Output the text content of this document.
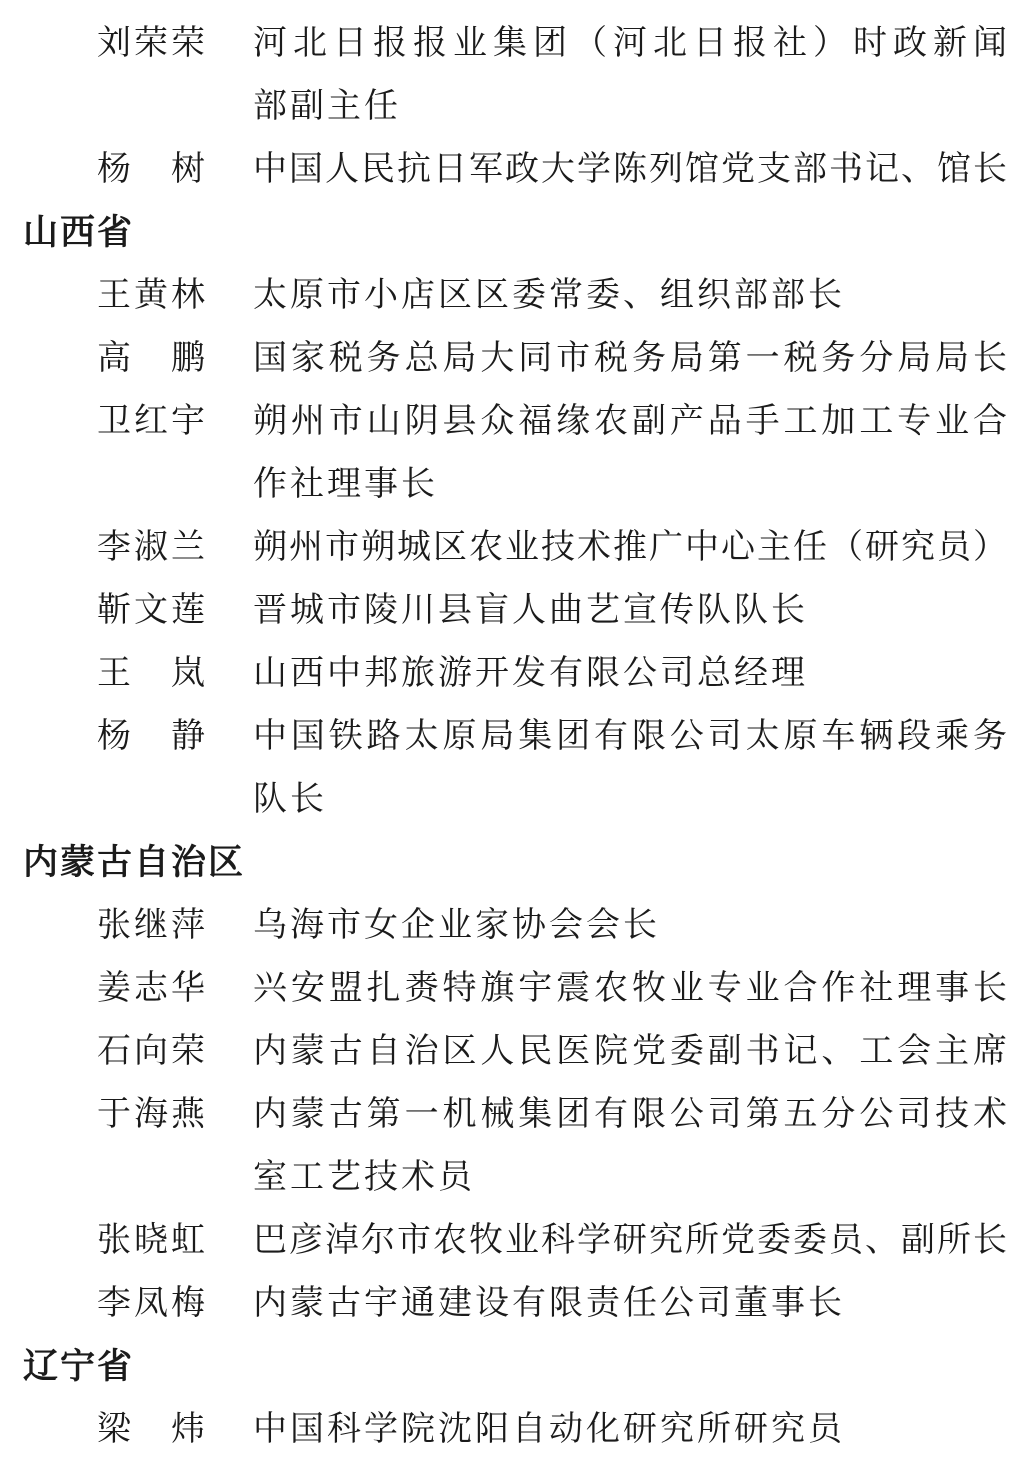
刘荣荣	河北日报报业集团（河北日报社）时政新闻
部副主任
杨　树	中国人民抗日军政大学陈列馆党支部书记、馆长
山西省
王黄林	太原市小店区区委常委、组织部部长
高　鹏	国家税务总局大同市税务局第一税务分局局长
卫红宇	朔州市山阴县众福缘农副产品手工加工专业合
作社理事长
李淑兰	朔州市朔城区农业技术推广中心主任（研究员）
靳文莲	晋城市陵川县盲人曲艺宣传队队长
王　岚	山西中邦旅游开发有限公司总经理
杨　静	中国铁路太原局集团有限公司太原车辆段乘务
队长
内蒙古自治区
张继萍	乌海市女企业家协会会长
姜志华	兴安盟扎赉特旗宇震农牧业专业合作社理事长
石向荣	内蒙古自治区人民医院党委副书记、工会主席
于海燕	内蒙古第一机械集团有限公司第五分公司技术
室工艺技术员
张晓虹	巴彦淖尔市农牧业科学研究所党委委员、副所长
李凤梅	内蒙古宇通建设有限责任公司董事长
辽宁省
梁　炜	中国科学院沈阳自动化研究所研究员
